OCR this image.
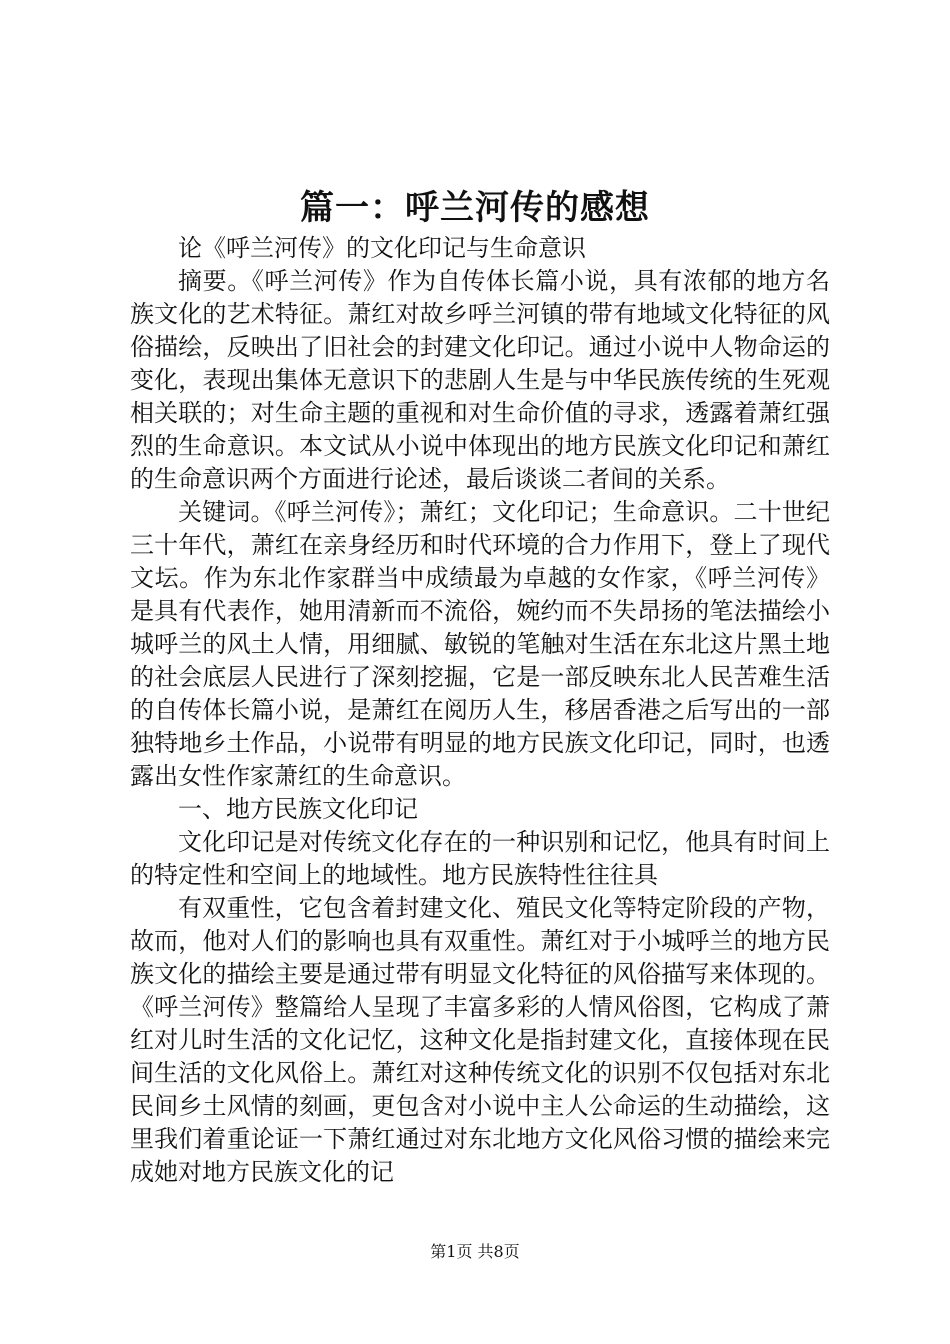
篇一：呼兰河传的感想

论《呼兰河传》的文化印记与生命意识

摘要。《呼兰河传》作为自传体长篇小说，具有浓郁的地方名族文化的艺术特征。萧红对故乡呼兰河镇的带有地域文化特征的风俗描绘，反映出了旧社会的封建文化印记。通过小说中人物命运的变化，表现出集体无意识下的悲剧人生是与中华民族传统的生死观相关联的；对生命主题的重视和对生命价值的寻求，透露着萧红强烈的生命意识。本文试从小说中体现出的地方民族文化印记和萧红的生命意识两个方面进行论述，最后谈谈二者间的关系。

关键词。《呼兰河传》；萧红；文化印记；生命意识。二十世纪三十年代，萧红在亲身经历和时代环境的合力作用下，登上了现代文坛。作为东北作家群当中成绩最为卓越的女作家，《呼兰河传》是具有代表作，她用清新而不流俗，婉约而不失昂扬的笔法描绘小城呼兰的风土人情，用细腻、敏锐的笔触对生活在东北这片黑土地的社会底层人民进行了深刻挖掘，它是一部反映东北人民苦难生活的自传体长篇小说，是萧红在阅历人生，移居香港之后写出的一部独特地乡土作品，小说带有明显的地方民族文化印记，同时，也透露出女性作家萧红的生命意识。

一、地方民族文化印记

文化印记是对传统文化存在的一种识别和记忆，他具有时间上的特定性和空间上的地域性。地方民族特性往往具

有双重性，它包含着封建文化、殖民文化等特定阶段的产物，故而，他对人们的影响也具有双重性。萧红对于小城呼兰的地方民族文化的描绘主要是通过带有明显文化特征的风俗描写来体现的。《呼兰河传》整篇给人呈现了丰富多彩的人情风俗图，它构成了萧红对儿时生活的文化记忆，这种文化是指封建文化，直接体现在民间生活的文化风俗上。萧红对这种传统文化的识别不仅包括对东北民间乡土风情的刻画，更包含对小说中主人公命运的生动描绘，这里我们着重论证一下萧红通过对东北地方文化风俗习惯的描绘来完成她对地方民族文化的记

第1页 共8页
